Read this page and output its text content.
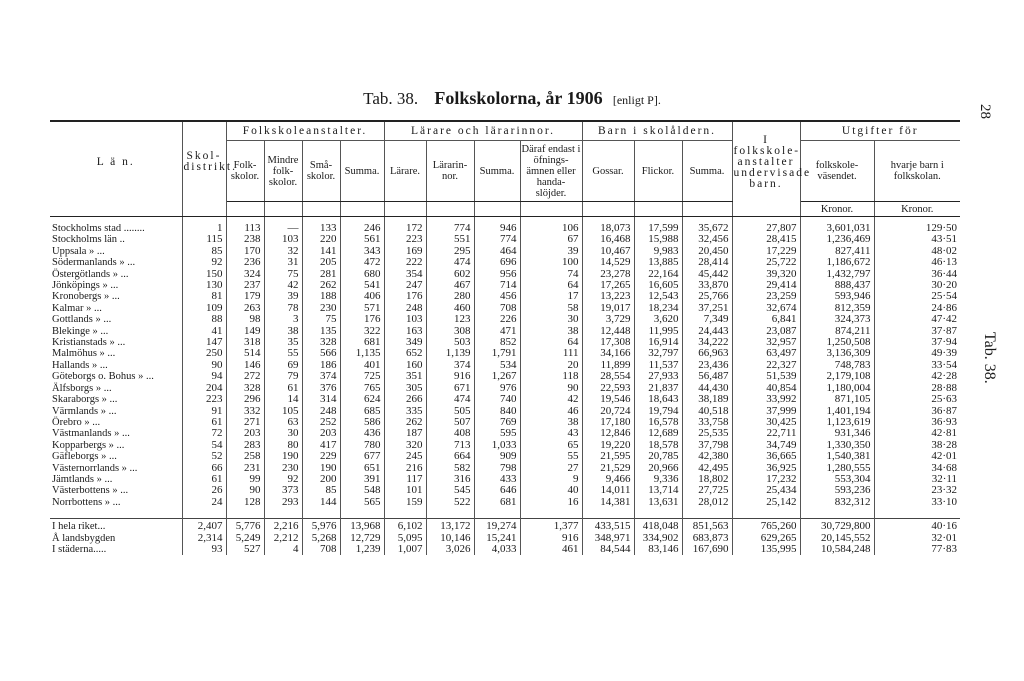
Tab. 38. Folkskolorna, år 1906 [enligt P].
28
Tab. 38.
L ä n.	Skol-distrikt.	Folkskoleanstalter.				Lärare och lärarinnor.				Barn i skolåldern.			I folkskole-anstalter undervisade barn.	Utgifter för	
		Folk-skolor.	Mindre folk-skolor.	Små-skolor.	Summa.	Lärare.	Lärarin-nor.	Summa.	Däraf endast i öfnings-ämnen eller handa-slöjder.	Gossar.	Flickor.	Summa.		folkskole-väsendet.	hvarje barn i folkskolan.
														Kronor.	Kronor.

Stockholms stad ........	1	113	—	133	246	172	774	946	106	18,073	17,599	35,672	27,807	3,601,031	129·50
Stockholms län ..	115	238	103	220	561	223	551	774	67	16,468	15,988	32,456	28,415	1,236,469	43·51
Uppsala » ...	85	170	32	141	343	169	295	464	39	10,467	9,983	20,450	17,229	827,411	48·02
Södermanlands » ...	92	236	31	205	472	222	474	696	100	14,529	13,885	28,414	25,722	1,186,672	46·13
Östergötlands » ...	150	324	75	281	680	354	602	956	74	23,278	22,164	45,442	39,320	1,432,797	36·44
Jönköpings » ...	130	237	42	262	541	247	467	714	64	17,265	16,605	33,870	29,414	888,437	30·20
Kronobergs » ...	81	179	39	188	406	176	280	456	17	13,223	12,543	25,766	23,259	593,946	25·54
Kalmar » ...	109	263	78	230	571	248	460	708	58	19,017	18,234	37,251	32,674	812,359	24·86
Gottlands » ...	88	98	3	75	176	103	123	226	30	3,729	3,620	7,349	6,841	324,373	47·42
Blekinge » ...	41	149	38	135	322	163	308	471	38	12,448	11,995	24,443	23,087	874,211	37·87
Kristianstads » ...	147	318	35	328	681	349	503	852	64	17,308	16,914	34,222	32,957	1,250,508	37·94
Malmöhus » ...	250	514	55	566	1,135	652	1,139	1,791	111	34,166	32,797	66,963	63,497	3,136,309	49·39
Hallands » ...	90	146	69	186	401	160	374	534	20	11,899	11,537	23,436	22,327	748,783	33·54
Göteborgs o. Bohus » ...	94	272	79	374	725	351	916	1,267	118	28,554	27,933	56,487	51,539	2,179,108	42·28
Älfsborgs » ...	204	328	61	376	765	305	671	976	90	22,593	21,837	44,430	40,854	1,180,004	28·88
Skaraborgs » ...	223	296	14	314	624	266	474	740	42	19,546	18,643	38,189	33,992	871,105	25·63
Värmlands » ...	91	332	105	248	685	335	505	840	46	20,724	19,794	40,518	37,999	1,401,194	36·87
Örebro » ...	61	271	63	252	586	262	507	769	38	17,180	16,578	33,758	30,425	1,123,619	36·93
Västmanlands » ...	72	203	30	203	436	187	408	595	43	12,846	12,689	25,535	22,711	931,346	42·81
Kopparbergs » ...	54	283	80	417	780	320	713	1,033	65	19,220	18,578	37,798	34,749	1,330,350	38·28
Gäfleborgs » ...	52	258	190	229	677	245	664	909	55	21,595	20,785	42,380	36,665	1,540,381	42·01
Västernorrlands » ...	66	231	230	190	651	216	582	798	27	21,529	20,966	42,495	36,925	1,280,555	34·68
Jämtlands » ...	61	99	92	200	391	117	316	433	9	9,466	9,336	18,802	17,232	553,304	32·11
Västerbottens » ...	26	90	373	85	548	101	545	646	40	14,011	13,714	27,725	25,434	593,236	23·32
Norrbottens » ...	24	128	293	144	565	159	522	681	16	14,381	13,631	28,012	25,142	832,312	33·10

I hela riket...	2,407	5,776	2,216	5,976	13,968	6,102	13,172	19,274	1,377	433,515	418,048	851,563	765,260	30,729,800	40·16
Å landsbygden	2,314	5,249	2,212	5,268	12,729	5,095	10,146	15,241	916	348,971	334,902	683,873	629,265	20,145,552	32·01
I städerna.....	93	527	4	708	1,239	1,007	3,026	4,033	461	84,544	83,146	167,690	135,995	10,584,248	77·83
